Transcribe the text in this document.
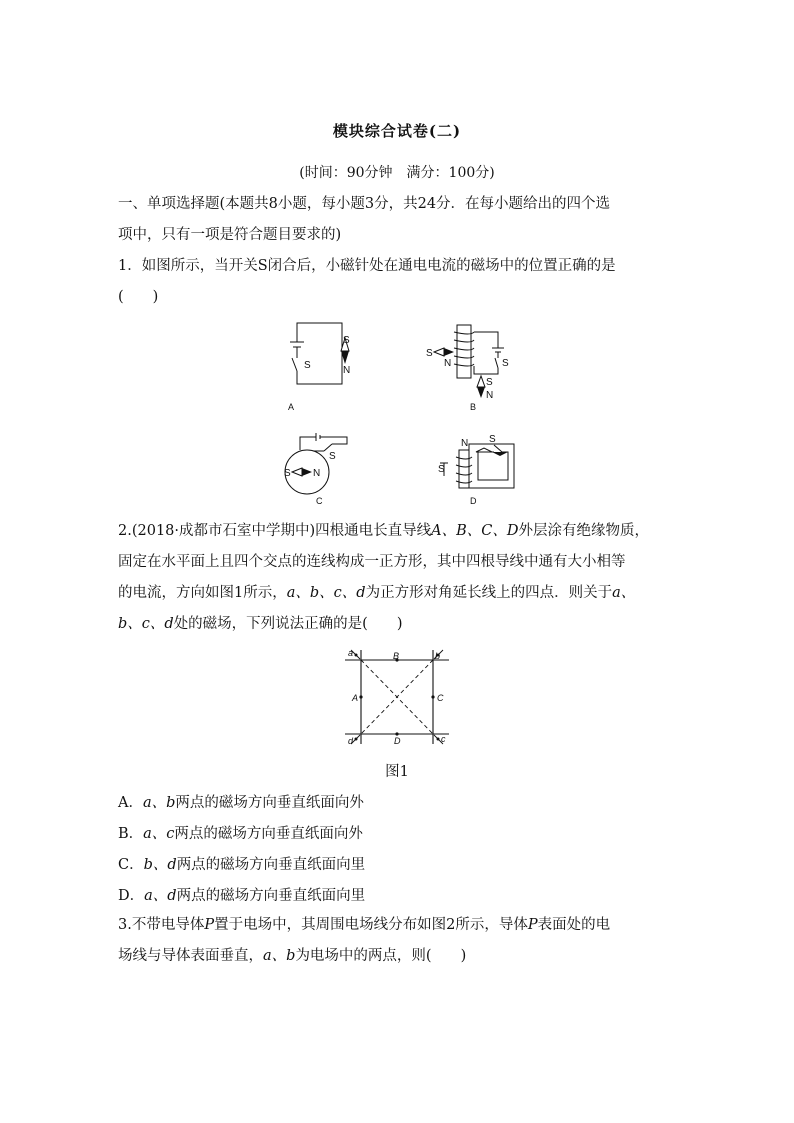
模块综合试卷(二)
(时间：90分钟　满分：100分)
一、单项选择题(本题共8小题，每小题3分，共24分．在每小题给出的四个选
项中，只有一项是符合题目要求的)
1．如图所示，当开关S闭合后，小磁针处在通电电流的磁场中的位置正确的是
(　　)
S
N
S
A
S
N
S
N
S
B
S N
S
C
N S
S
D
2.(2018·成都市石室中学期中)四根通电长直导线A、B、C、D外层涂有绝缘物质，
固定在水平面上且四个交点的连线构成一正方形，其中四根导线中通有大小相等
的电流，方向如图1所示，a、b、c、d为正方形对角延长线上的四点．则关于a、
b、c、d处的磁场，下列说法正确的是(　　)
a	b
c
d
B
D
A	C
图1
A．a、b两点的磁场方向垂直纸面向外
B．a、c两点的磁场方向垂直纸面向外
C．b、d两点的磁场方向垂直纸面向里
D．a、d两点的磁场方向垂直纸面向里
3.不带电导体P置于电场中，其周围电场线分布如图2所示，导体P表面处的电
场线与导体表面垂直，a、b为电场中的两点，则(　　)
